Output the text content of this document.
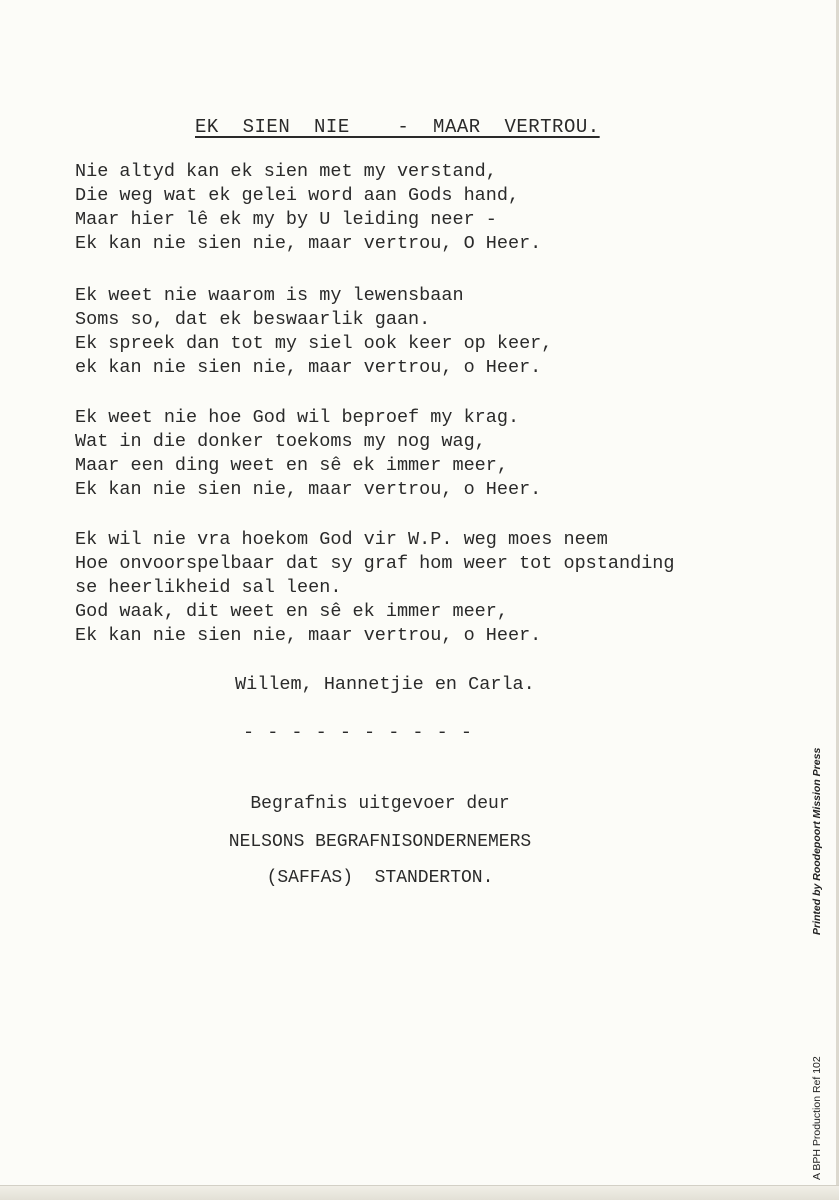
EK  SIEN  NIE    -  MAAR  VERTROU.
Nie altyd kan ek sien met my verstand,
Die weg wat ek gelei word aan Gods hand,
Maar hier lê ek my by U leiding neer -
Ek kan nie sien nie, maar vertrou, O Heer.
Ek weet nie waarom is my lewensbaan
Soms so, dat ek beswaarlik gaan.
Ek spreek dan tot my siel ook keer op keer,
ek kan nie sien nie, maar vertrou, o Heer.
Ek weet nie hoe God wil beproef my krag.
Wat in die donker toekoms my nog wag,
Maar een ding weet en sê ek immer meer,
Ek kan nie sien nie, maar vertrou, o Heer.
Ek wil nie vra hoekom God vir W.P. weg moes neem
Hoe onvoorspelbaar dat sy graf hom weer tot opstanding
se heerlikheid sal leen.
God waak, dit weet en sê ek immer meer,
Ek kan nie sien nie, maar vertrou, o Heer.
Willem, Hannetjie en Carla.
- - - - - - - - - -
Begrafnis uitgevoer deur
NELSONS BEGRAFNISONDERNEMERS
(SAFFAS)  STANDERTON.	Printed by Roodepoort Mission Press
A BPH Production Ref 102
